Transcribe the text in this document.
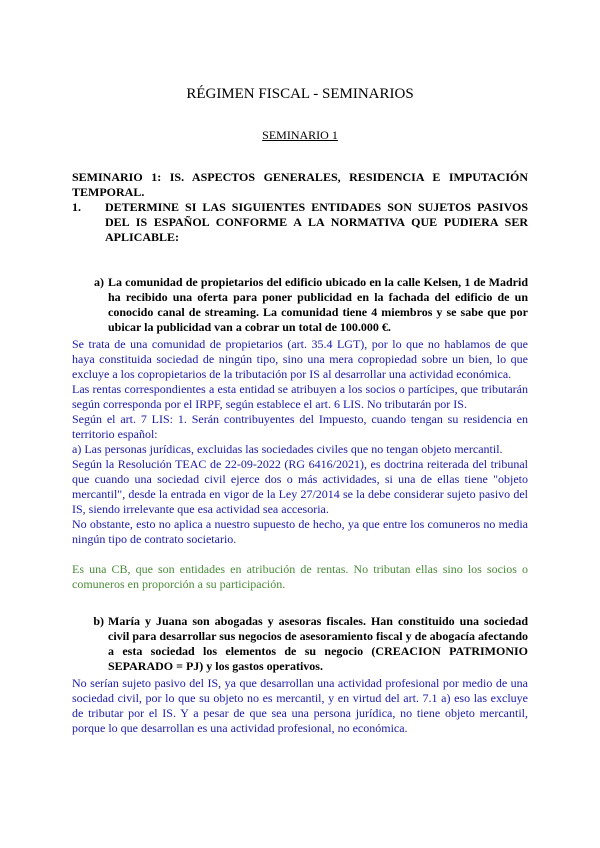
RÉGIMEN FISCAL - SEMINARIOS
SEMINARIO 1

SEMINARIO 1: IS. ASPECTOS GENERALES, RESIDENCIA E IMPUTACIÓN TEMPORAL.

1.	DETERMINE SI LAS SIGUIENTES ENTIDADES SON SUJETOS PASIVOS DEL IS ESPAÑOL CONFORME A LA NORMATIVA QUE PUDIERA SER APLICABLE:
a) La comunidad de propietarios del edificio ubicado en la calle Kelsen, 1 de Madrid ha recibido una oferta para poner publicidad en la fachada del edificio de un conocido canal de streaming. La comunidad tiene 4 miembros y se sabe que por ubicar la publicidad van a cobrar un total de 100.000 €.

Se trata de una comunidad de propietarios (art. 35.4 LGT), por lo que no hablamos de que haya constituida sociedad de ningún tipo, sino una mera copropiedad sobre un bien, lo que excluye a los copropietarios de la tributación por IS al desarrollar una actividad económica.

Las rentas correspondientes a esta entidad se atribuyen a los socios o partícipes, que tributarán según corresponda por el IRPF, según establece el art. 6 LIS. No tributarán por IS.

Según el art. 7 LIS: 1. Serán contribuyentes del Impuesto, cuando tengan su residencia en territorio español:

a) Las personas jurídicas, excluidas las sociedades civiles que no tengan objeto mercantil.

Según la Resolución TEAC de 22-09-2022 (RG 6416/2021), es doctrina reiterada del tribunal que cuando una sociedad civil ejerce dos o más actividades, si una de ellas tiene "objeto mercantil", desde la entrada en vigor de la Ley 27/2014 se la debe considerar sujeto pasivo del IS, siendo irrelevante que esa actividad sea accesoria.

No obstante, esto no aplica a nuestro supuesto de hecho, ya que entre los comuneros no media ningún tipo de contrato societario.

Es una CB, que son entidades en atribución de rentas. No tributan ellas sino los socios o comuneros en proporción a su participación.

b) María y Juana son abogadas y asesoras fiscales. Han constituido una sociedad civil para desarrollar sus negocios de asesoramiento fiscal y de abogacía afectando a esta sociedad los elementos de su negocio (CREACION PATRIMONIO SEPARADO = PJ) y los gastos operativos.

No serían sujeto pasivo del IS, ya que desarrollan una actividad profesional por medio de una sociedad civil, por lo que su objeto no es mercantil, y en virtud del art. 7.1 a) eso las excluye de tributar por el IS. Y a pesar de que sea una persona jurídica, no tiene objeto mercantil, porque lo que desarrollan es una actividad profesional, no económica.
